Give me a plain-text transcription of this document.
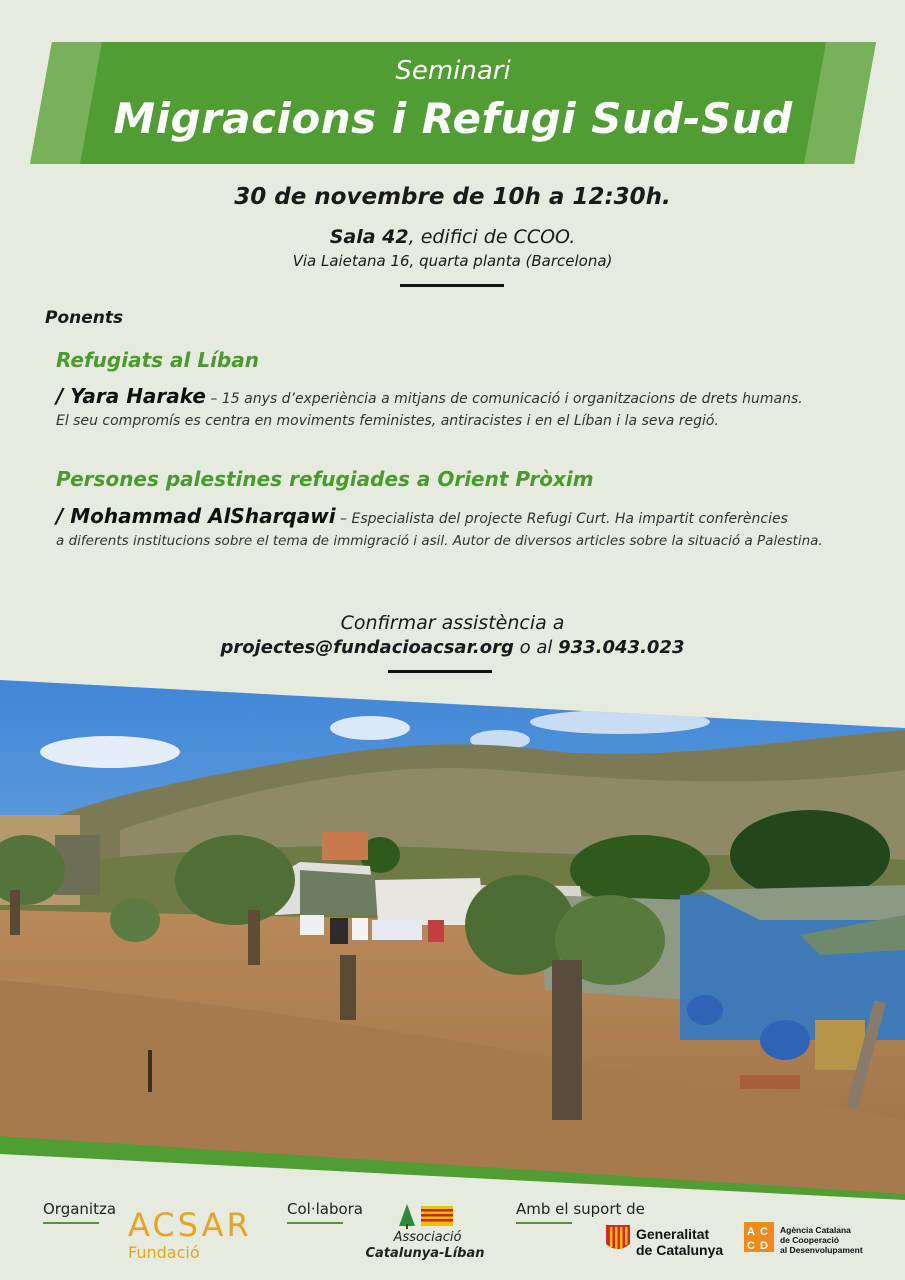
Seminari
Migracions i Refugi Sud-Sud
30 de novembre de 10h a 12:30h.
Sala 42, edifici de CCOO.
Via Laietana 16, quarta planta (Barcelona)
Ponents
Refugiats al Líban
/ Yara Harake – 15 anys d’experiència a mitjans de comunicació i organitzacions de drets humans.
El seu compromís es centra en moviments feministes, antiracistes i en el Líban i la seva regió.
Persones palestines refugiades a Orient Pròxim
/ Mohammad AlSharqawi – Especialista del projecte Refugi Curt. Ha impartit conferències
a diferents institucions sobre el tema de immigració i asil. Autor de diversos articles sobre la situació a Palestina.
Confirmar assistència a
projectes@fundacioacsar.org o al 933.043.023
Organitza ACSAR
Fundació
Col·labora
Associació
Catalunya-Líban
Amb el suport de
Generalitat
de Catalunya
A C
C D
Agència Catalana
de Cooperació
al Desenvolupament
